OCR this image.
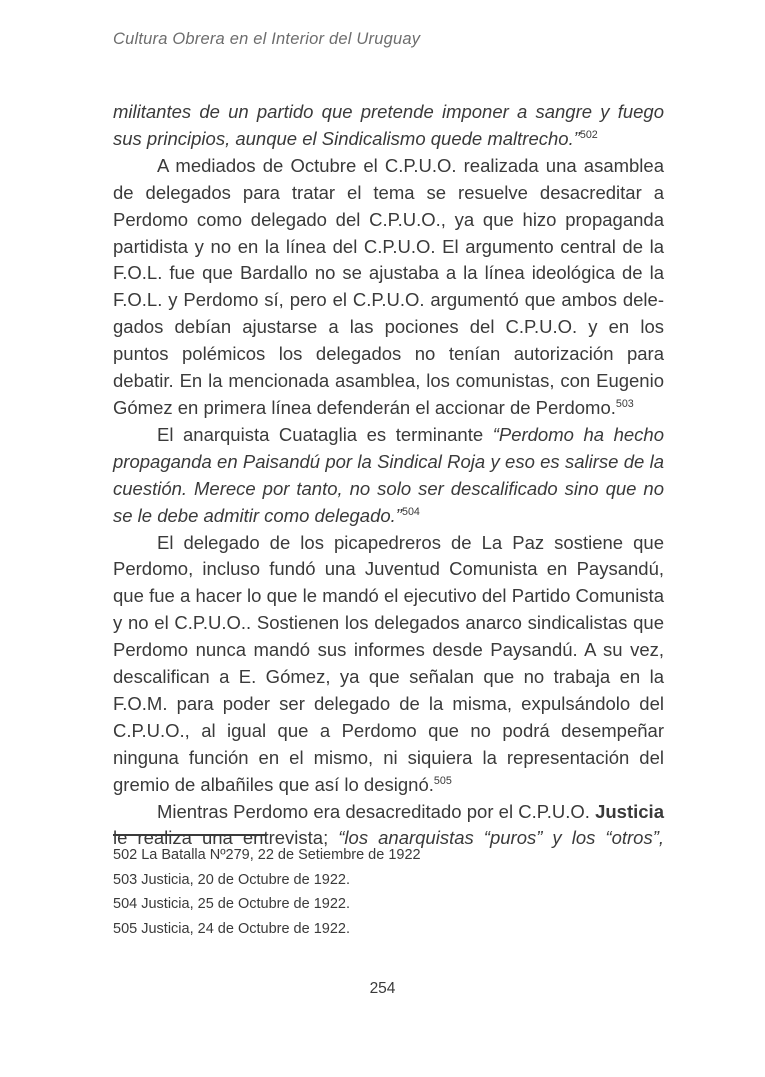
Cultura Obrera en el Interior del Uruguay

militantes de un partido que pretende imponer a sangre y fuego sus principios, aunque el Sindicalismo quede maltrecho.”$^{502}$

A mediados de Octubre el C.P.U.O. realizada una asamblea de delegados para tratar el tema se resuelve desacreditar a Perdomo como delegado del C.P.U.O., ya que hizo propaganda partidista y no en la línea del C.P.U.O. El argumento central de la F.O.L. fue que Bardallo no se ajustaba a la línea ideológica de la F.O.L. y Perdomo sí, pero el C.P.U.O. argumentó que ambos delegados debían ajustarse a las pociones del C.P.U.O. y en los puntos polémicos los delegados no tenían autorización para debatir. En la mencionada asamblea, los comunistas, con Eugenio Gómez en primera línea defenderán el accionar de Perdomo.$^{503}$

El anarquista Cuataglia es terminante “Perdomo ha hecho propaganda en Paisandú por la Sindical Roja y eso es salirse de la cuestión. Merece por tanto, no solo ser descalificado sino que no se le debe admitir como delegado.”$^{504}$

El delegado de los picapedreros de La Paz sostiene que Perdomo, incluso fundó una Juventud Comunista en Paysandú, que fue a hacer lo que le mandó el ejecutivo del Partido Comunista y no el C.P.U.O.. Sostienen los delegados anarco sindicalistas que Perdomo nunca mandó sus informes desde Paysandú. A su vez, descalifican a E. Gómez, ya que señalan que no trabaja en la F.O.M. para poder ser delegado de la misma, expulsándolo del C.P.U.O., al igual que a Perdomo que no podrá desempeñar ninguna función en el mismo, ni siquiera la representación del gremio de albañiles que así lo designó.$^{505}$

Mientras Perdomo era desacreditado por el C.P.U.O. Justicia le realiza una entrevista; “los anarquistas “puros” y los “otros”,

502 La Batalla Nº279, 22 de Setiembre de 1922
503 Justicia, 20 de Octubre de 1922.
504 Justicia, 25 de Octubre de 1922.
505 Justicia, 24 de Octubre de 1922.
254
